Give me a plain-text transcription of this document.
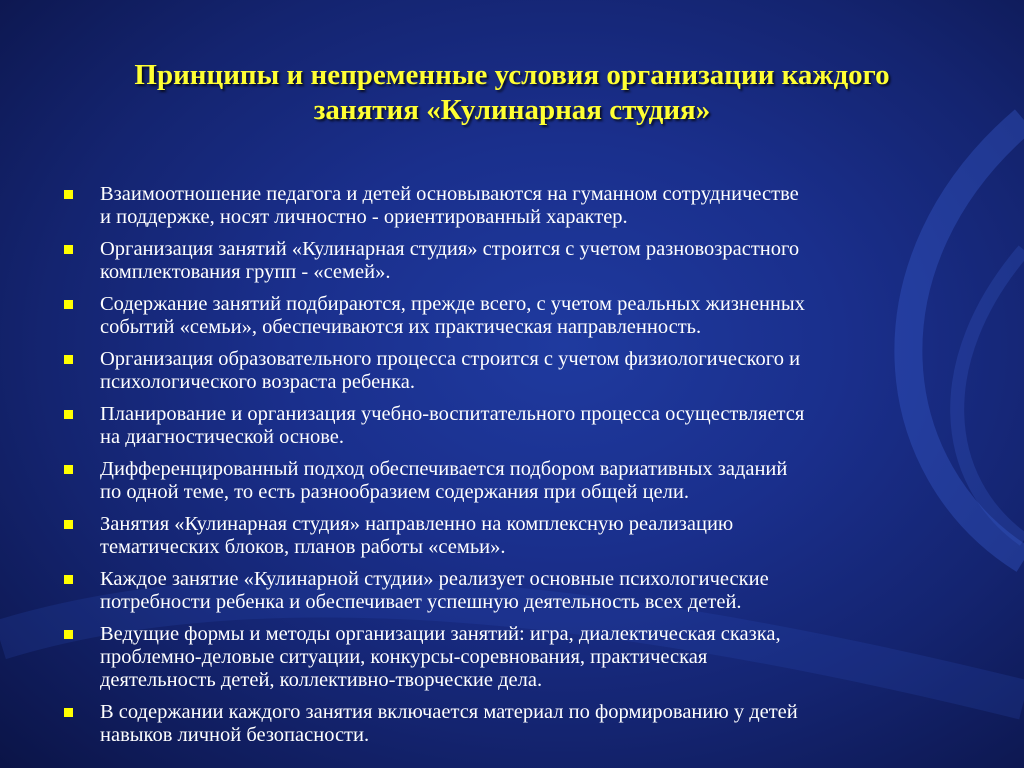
Принципы и непременные условия организации каждого
занятия «Кулинарная студия»
Взаимоотношение педагога и детей основываются на гуманном сотрудничестве
и поддержке, носят личностно - ориентированный характер.
Организация занятий «Кулинарная студия» строится с учетом разновозрастного
комплектования групп - «семей».
Содержание занятий подбираются, прежде всего, с учетом реальных жизненных
событий «семьи», обеспечиваются их практическая направленность.
Организация образовательного процесса строится с учетом физиологического и
психологического возраста ребенка.
Планирование и организация учебно-воспитательного процесса осуществляется
на диагностической основе.
Дифференцированный подход обеспечивается подбором вариативных заданий
по одной теме, то есть разнообразием содержания при общей цели.
Занятия «Кулинарная студия» направленно на комплексную реализацию
тематических блоков, планов работы «семьи».
Каждое занятие «Кулинарной студии» реализует основные психологические
потребности ребенка и обеспечивает успешную деятельность всех детей.
Ведущие формы и методы организации занятий: игра, диалектическая сказка,
проблемно-деловые ситуации, конкурсы-соревнования, практическая
деятельность детей, коллективно-творческие дела.
В содержании каждого занятия включается материал по формированию у детей
навыков личной безопасности.
